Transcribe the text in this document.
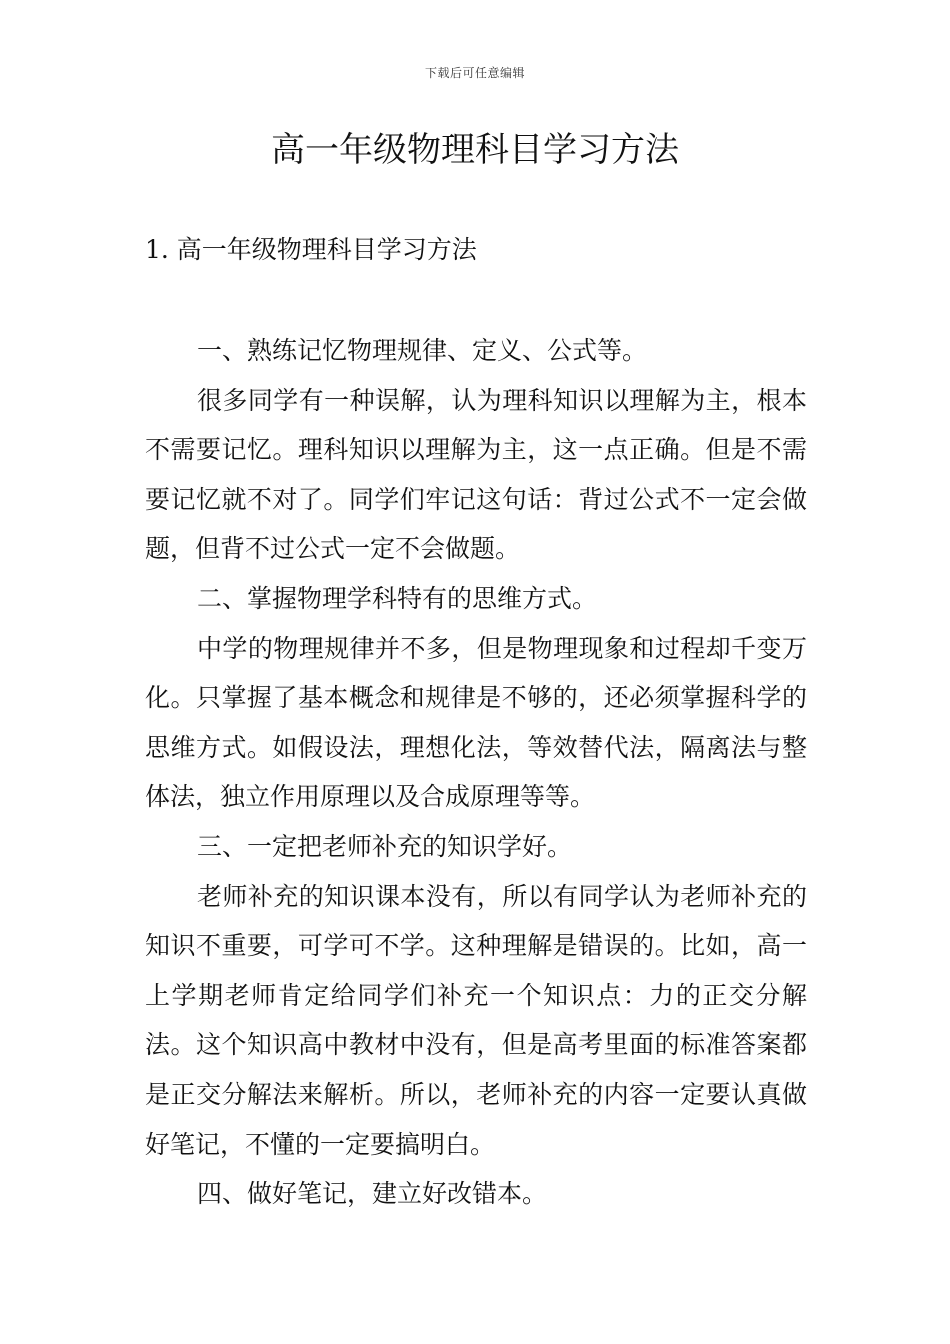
下载后可任意编辑
高一年级物理科目学习方法
1. 高一年级物理科目学习方法

一、熟练记忆物理规律、定义、公式等。

很多同学有一种误解，认为理科知识以理解为主，根本不需要记忆。理科知识以理解为主，这一点正确。但是不需要记忆就不对了。同学们牢记这句话：背过公式不一定会做题，但背不过公式一定不会做题。

二、掌握物理学科特有的思维方式。

中学的物理规律并不多，但是物理现象和过程却千变万化。只掌握了基本概念和规律是不够的，还必须掌握科学的思维方式。如假设法，理想化法，等效替代法，隔离法与整体法，独立作用原理以及合成原理等等。

三、一定把老师补充的知识学好。

老师补充的知识课本没有，所以有同学认为老师补充的知识不重要，可学可不学。这种理解是错误的。比如，高一上学期老师肯定给同学们补充一个知识点：力的正交分解法。这个知识高中教材中没有，但是高考里面的标准答案都是正交分解法来解析。所以，老师补充的内容一定要认真做好笔记，不懂的一定要搞明白。

四、做好笔记，建立好改错本。
